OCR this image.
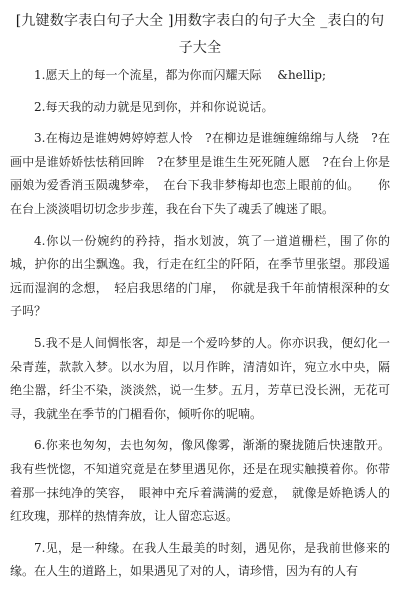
[九键数字表白句子大全 ]用数字表白的句子大全 _表白的句子大全

1.愿天上的每一个流星，都为你而闪耀天际　 &hellip;

2.每天我的动力就是见到你，并和你说说话。

3.在梅边是谁娉娉婷婷惹人怜　?在柳边是谁缠缠绵绵与人绕　?在画中是谁娇娇怯怯稍回眸　?在梦里是谁生生死死随人愿　?在台上你是丽娘为爱香消玉陨魂梦牵，　在台下我非梦梅却也恋上眼前的仙。　　你在台上淡淡唱切切念步步莲，我在台下失了魂丢了魄迷了眼。

4.你以一份婉约的矜持，指水划波，筑了一道道栅栏，围了你的城，护你的出尘飘逸。我，行走在红尘的阡陌，在季节里张望。那段遥远而湿润的念想，　轻启我思绪的门扉，　你就是我千年前情根深种的女子吗？

5.我不是人间惆怅客，却是一个爱吟梦的人。你亦识我，便幻化一朵青莲，款款入梦。以水为眉，以月作眸，清清如许，宛立水中央，隔绝尘嚣，纤尘不染，淡淡然，说一生梦。五月，芳草已没长洲，无花可寻，我就坐在季节的门楣看你，倾听你的呢喃。

6.你来也匆匆，去也匆匆，像风像雾，渐渐的聚拢随后快速散开。我有些恍惚，不知道究竟是在梦里遇见你，还是在现实触摸着你。你带着那一抹纯净的笑容，　眼神中充斥着满满的爱意，　就像是娇艳诱人的红玫瑰，那样的热情奔放，让人留恋忘返。

7.见，是一种缘。在我人生最美的时刻，遇见你，是我前世修来的缘。在人生的道路上，如果遇见了对的人，请珍惜，因为有的人有
